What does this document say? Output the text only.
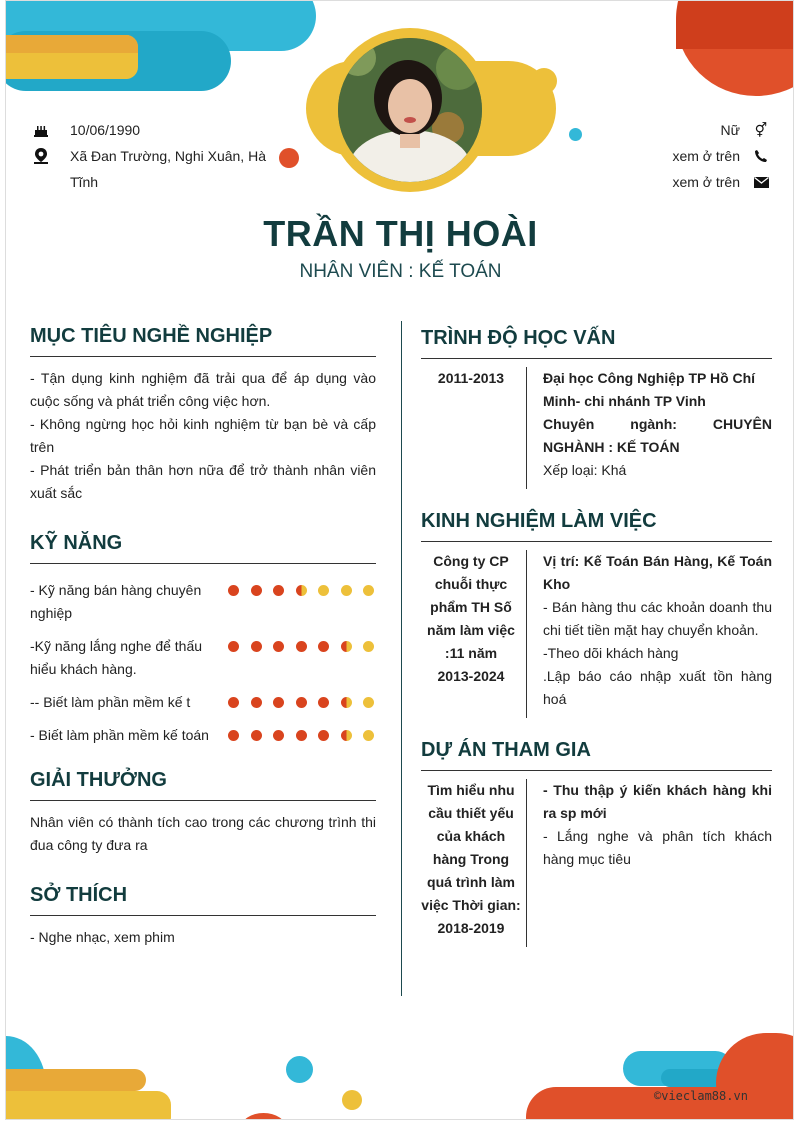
10/06/1990
Xã Đan Trường, Nghi Xuân, Hà Tĩnh
Nữ	⚥
xem ở trên
xem ở trên
TRẦN THỊ HOÀI
NHÂN VIÊN : KẾ TOÁN
MỤC TIÊU NGHỀ NGHIỆP
- Tận dụng kinh nghiệm đã trải qua để áp dụng vào cuộc sống và phát triển công việc hơn.
- Không ngừng học hỏi kinh nghiệm từ bạn bè và cấp trên
- Phát triển bản thân hơn nữa để trở thành nhân viên xuất sắc
KỸ NĂNG
- Kỹ năng bán hàng chuyên nghiệp
-Kỹ năng lắng nghe để thấu hiểu khách hàng.
-- Biết làm phần mềm kế t
- Biết làm phần mềm kế toán
GIẢI THƯỞNG
Nhân viên có thành tích cao trong các chương trình thi đua công ty đưa ra
SỞ THÍCH
- Nghe nhạc, xem phim
TRÌNH ĐỘ HỌC VẤN
2011-2013	Đại học Công Nghiệp TP Hồ Chí Minh- chi nhánh TP Vinh
Chuyên ngành: CHUYÊN NGHÀNH : KẾ TOÁN
Xếp loại: Khá
KINH NGHIỆM LÀM VIỆC
Công ty CP chuỗi thực phẩm TH Số năm làm việc :11 năm
2013-2024
Vị trí: Kế Toán Bán Hàng, Kế Toán Kho
- Bán hàng thu các khoản doanh thu chi tiết tiền mặt hay chuyển khoản.
-Theo dõi khách hàng
.Lập báo cáo nhập xuất tồn hàng hoá
DỰ ÁN THAM GIA
Tìm hiểu nhu cầu thiết yếu của khách hàng Trong quá trình làm việc Thời gian:
2018-2019
- Thu thập ý kiến khách hàng khi ra sp mới
- Lắng nghe và phân tích khách hàng mục tiêu
©vieclam88.vn
